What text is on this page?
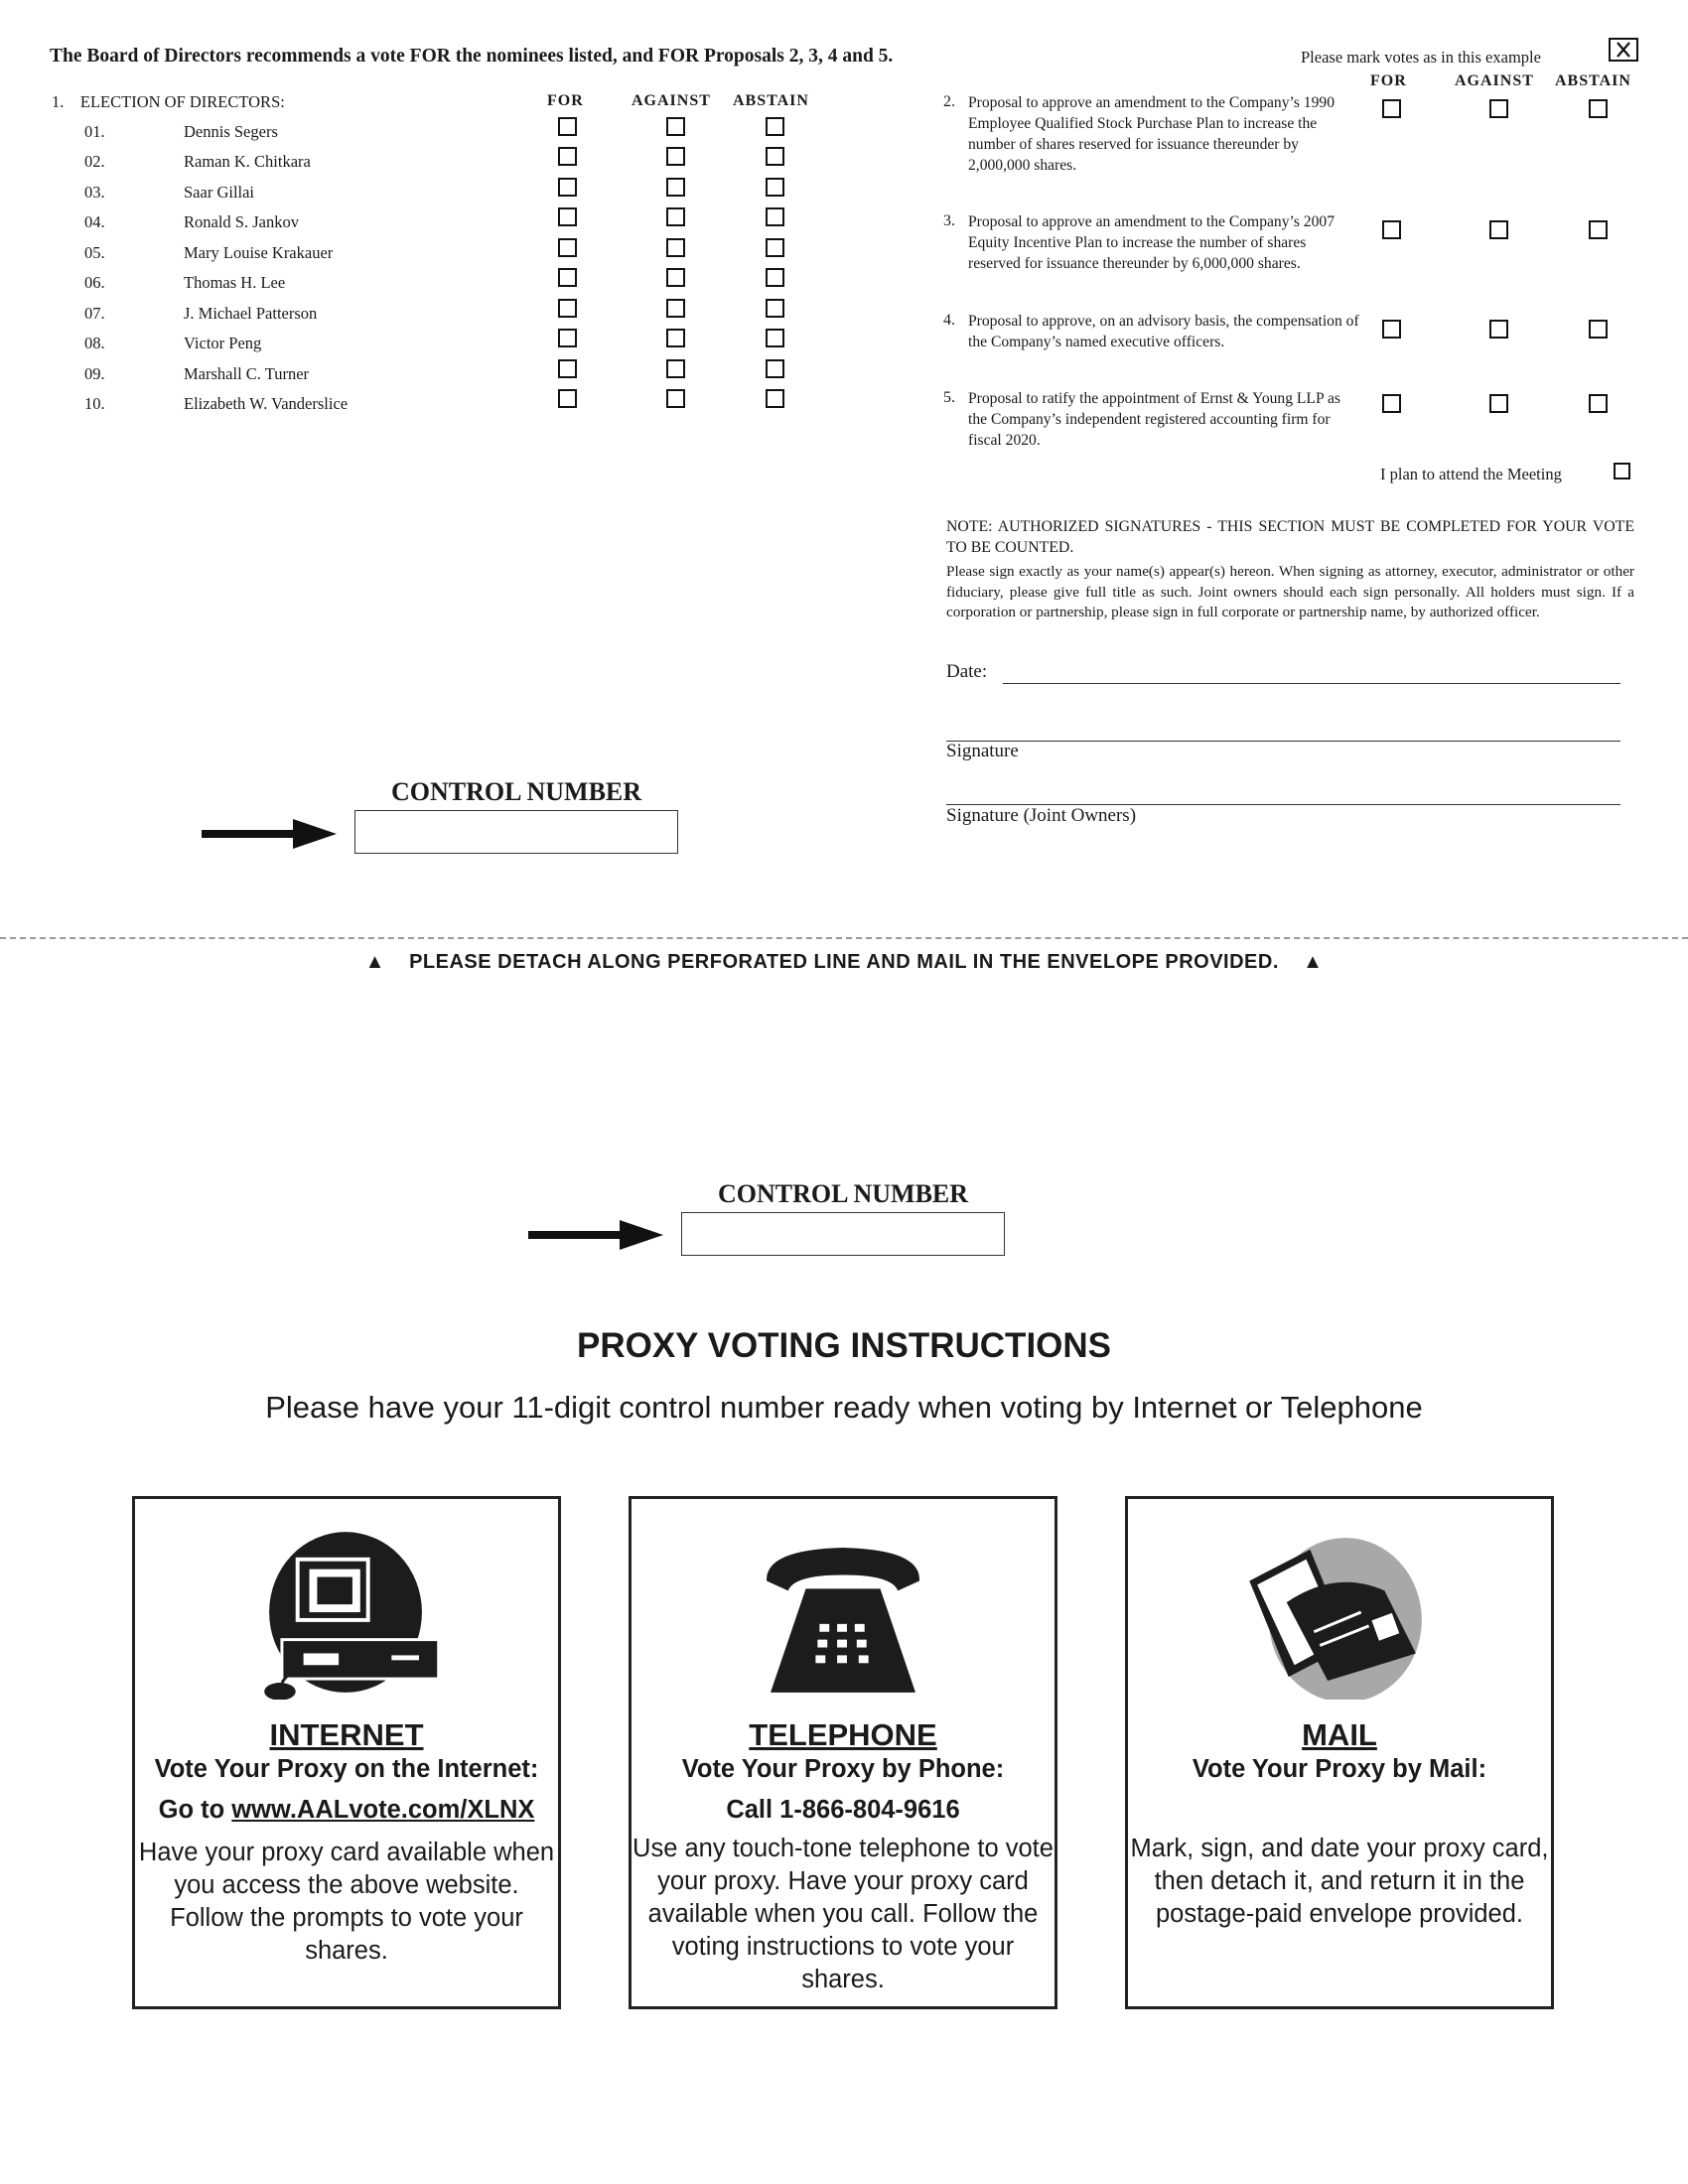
The Board of Directors recommends a vote FOR the nominees listed, and FOR Proposals 2, 3, 4 and 5.	Please mark votes as in this example
FOR	AGAINST ABSTAIN
FOR	AGAINST ABSTAIN
1. ELECTION OF DIRECTORS:
01.	Dennis Segers
02.	Raman K. Chitkara
03.	Saar Gillai
04.	Ronald S. Jankov
05.	Mary Louise Krakauer
06.	Thomas H. Lee
07.	J. Michael Patterson
08.	Victor Peng
09.	Marshall C. Turner
10.	Elizabeth W. Vanderslice
2. Proposal to approve an amendment to the Company’s 1990 Employee Qualified Stock Purchase Plan to increase the number of shares reserved for issuance thereunder by 2,000,000 shares.
3. Proposal to approve an amendment to the Company’s 2007 Equity Incentive Plan to increase the number of shares reserved for issuance thereunder by 6,000,000 shares.
4. Proposal to approve, on an advisory basis, the compensation of the Company’s named executive officers.
5. Proposal to ratify the appointment of Ernst & Young LLP as the Company’s independent registered accounting firm for fiscal 2020.
I plan to attend the Meeting
NOTE: AUTHORIZED SIGNATURES - THIS SECTION MUST BE COMPLETED FOR YOUR VOTE TO BE COUNTED.
Please sign exactly as your name(s) appear(s) hereon. When signing as attorney, executor, administrator or other fiduciary, please give full title as such. Joint owners should each sign personally. All holders must sign. If a corporation or partnership, please sign in full corporate or partnership name, by authorized officer.
Date:
Signature
Signature (Joint Owners)
CONTROL NUMBER
▲ PLEASE DETACH ALONG PERFORATED LINE AND MAIL IN THE ENVELOPE PROVIDED. ▲
CONTROL NUMBER
PROXY VOTING INSTRUCTIONS
Please have your 11-digit control number ready when voting by Internet or Telephone
INTERNET
Vote Your Proxy on the Internet:
Go to www.AALvote.com/XLNX
Have your proxy card available when you access the above website. Follow the prompts to vote your shares.
TELEPHONE
Vote Your Proxy by Phone:
Call 1-866-804-9616
Use any touch-tone telephone to vote your proxy. Have your proxy card available when you call. Follow the voting instructions to vote your shares.
MAIL
Vote Your Proxy by Mail:
Mark, sign, and date your proxy card, then detach it, and return it in the postage-paid envelope provided.
